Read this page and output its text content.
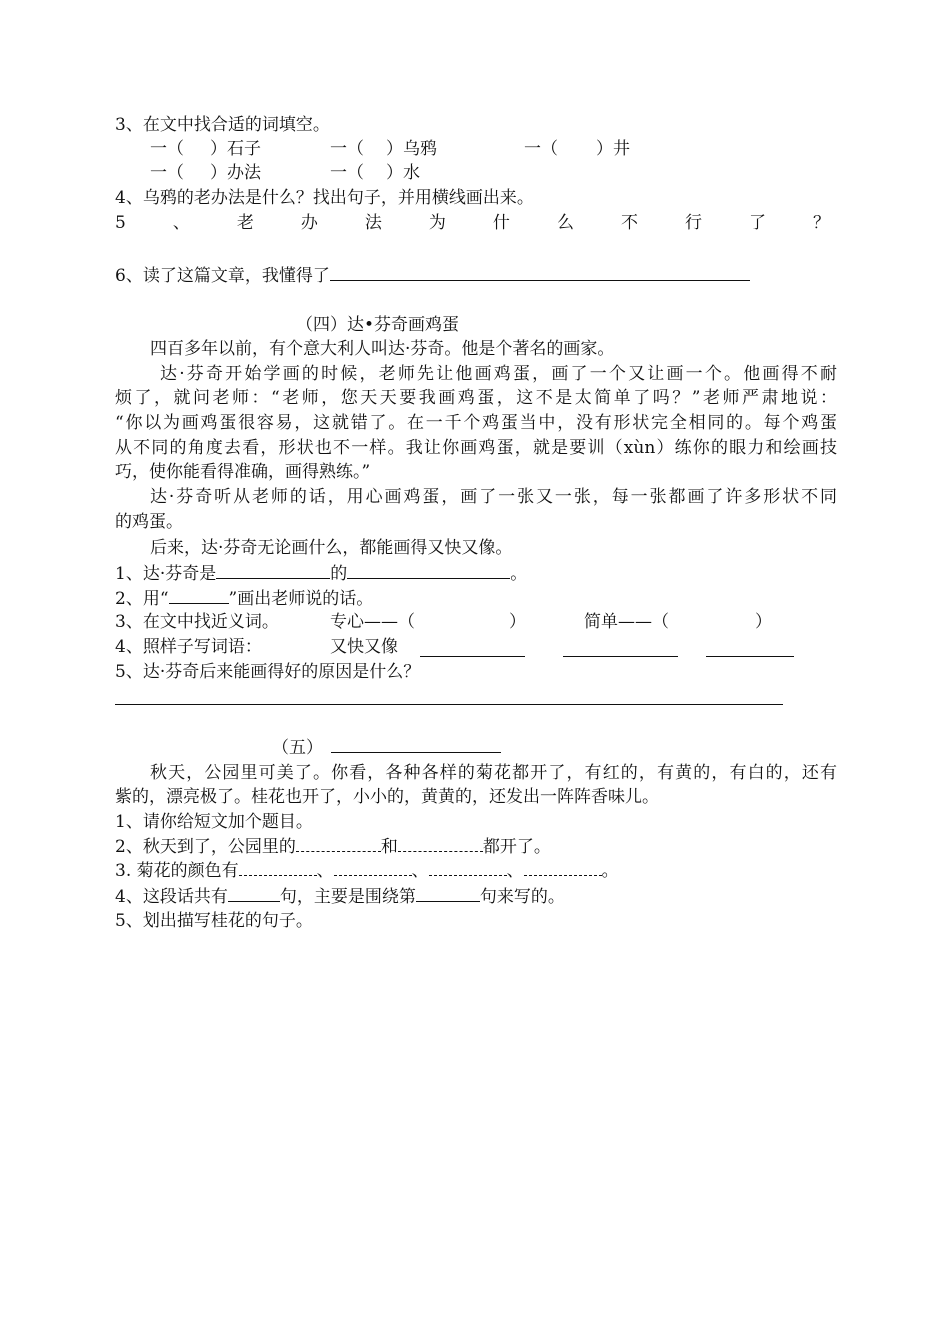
3、在文中找合适的词填空。
一（ ）石子	一（ ）乌鸦	一（ ）井
一（ ）办法	一（ ）水
4、乌鸦的老办法是什么？找出句子，并用横线画出来。
5	、	老	办	法	为	什	么	不	行	了	？
6、读了这篇文章，我懂得了
（四）达•芬奇画鸡蛋
四百多年以前，有个意大利人叫达·芬奇。他是个著名的画家。
达·芬奇开始学画的时候，老师先让他画鸡蛋，画了一个又让画一个。他画得不耐
烦了，就问老师：“老师，您天天要我画鸡蛋，这不是太简单了吗？”老师严肃地说：
“你以为画鸡蛋很容易，这就错了。在一千个鸡蛋当中，没有形状完全相同的。每个鸡蛋
从不同的角度去看，形状也不一样。我让你画鸡蛋，就是要训（xùn）练你的眼力和绘画技
巧，使你能看得准确，画得熟练。”
达·芬奇听从老师的话，用心画鸡蛋，画了一张又一张，每一张都画了许多形状不同
的鸡蛋。
后来，达·芬奇无论画什么，都能画得又快又像。
1、达·芬奇是	的	。
2、用“	”画出老师说的话。
3、在文中找近义词。	专心——（	）	简单——（	）
4、照样子写词语：	又快又像
5、达·芬奇后来能画得好的原因是什么？
（五）
秋天，公园里可美了。你看，各种各样的菊花都开了，有红的，有黄的，有白的，还有
紫的，漂亮极了。桂花也开了，小小的，黄黄的，还发出一阵阵香味儿。
1、请你给短文加个题目。
2、秋天到了，公园里的	和	都开了。
3. 菊花的颜色有	、	、	、	。
4、这段话共有	句，主要是围绕第	句来写的。
5、划出描写桂花的句子。
